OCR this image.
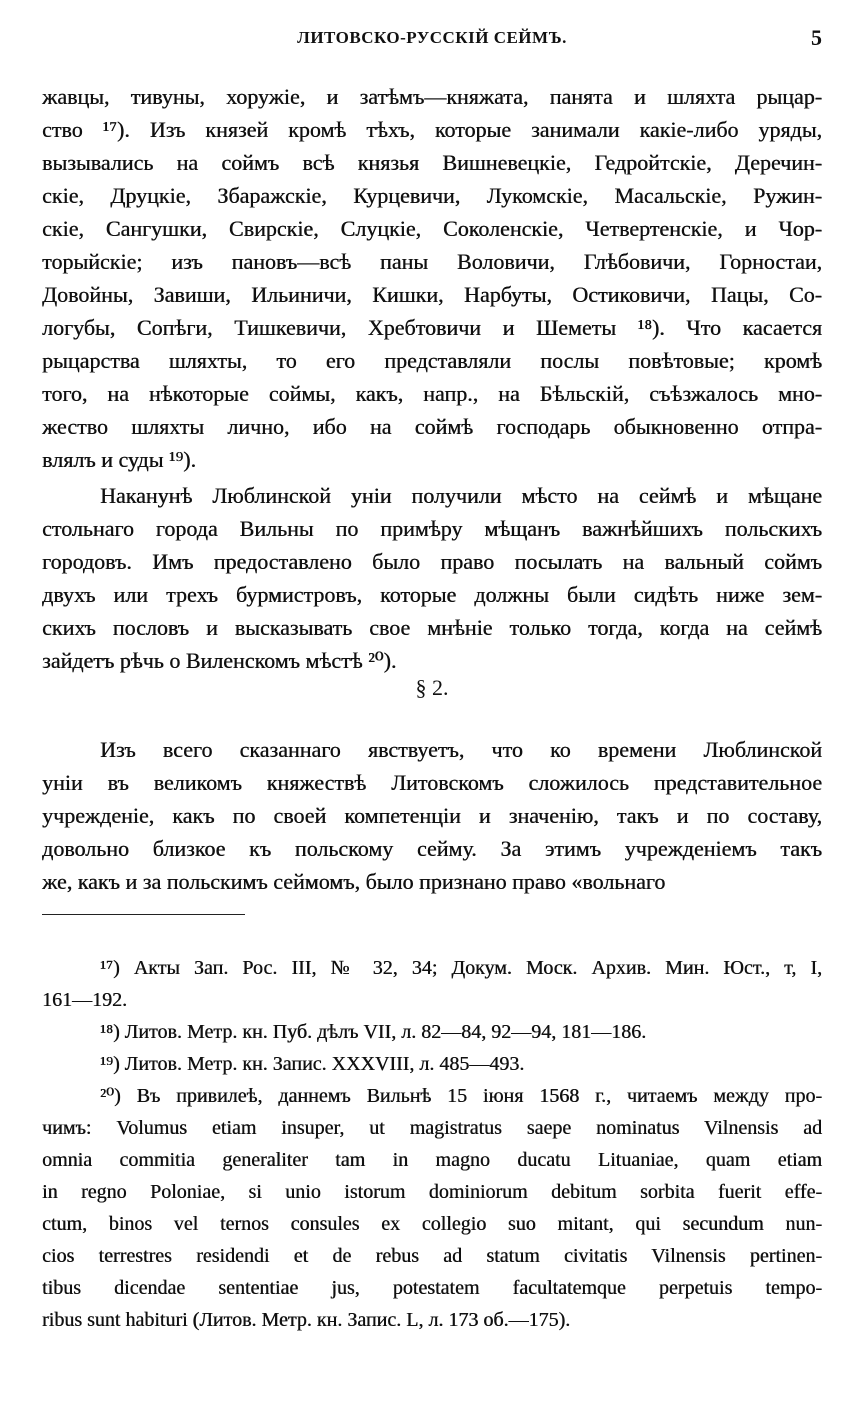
ЛИТОВСКО-РУССКІЙ СЕЙМЪ.	5
жавцы, тивуны, хоружіе, и затѣмъ—княжата, панята и шляхта рыцар-
ство ¹⁷). Изъ князей кромѣ тѣхъ, которые занимали какіе-либо уряды,
вызывались на соймъ всѣ князья Вишневецкіе, Гедройтскіе, Деречин-
скіе, Друцкіе, Збаражскіе, Курцевичи, Лукомскіе, Масальскіе, Ружин-
скіе, Сангушки, Свирскіе, Слуцкіе, Соколенскіе, Четвертенскіе, и Чор-
торыйскіе; изъ пановъ—всѣ паны Воловичи, Глѣбовичи, Горностаи,
Довойны, Завиши, Ильиничи, Кишки, Нарбуты, Остиковичи, Пацы, Со-
логубы, Сопѣги, Тишкевичи, Хребтовичи и Шеметы ¹⁸). Что касается
рыцарства шляхты, то его представляли послы повѣтовые; кромѣ
того, на нѣкоторые соймы, какъ, напр., на Бѣльскій, съѣзжалось мно-
жество шляхты лично, ибо на соймѣ господарь обыкновенно отпра-
влялъ и суды ¹⁹).
Наканунѣ Люблинской уніи получили мѣсто на сеймѣ и мѣщане
стольнаго города Вильны по примѣру мѣщанъ важнѣйшихъ польскихъ
городовъ. Имъ предоставлено было право посылать на вальный соймъ
двухъ или трехъ бурмистровъ, которые должны были сидѣть ниже зем-
скихъ пословъ и высказывать свое мнѣніе только тогда, когда на сеймѣ
зайдетъ рѣчь о Виленскомъ мѣстѣ ²⁰).
§ 2.
Изъ всего сказаннаго явствуетъ, что ко времени Люблинской
уніи въ великомъ княжествѣ Литовскомъ сложилось представительное
учрежденіе, какъ по своей компетенціи и значенію, такъ и по составу,
довольно близкое къ польскому сейму. За этимъ учрежденіемъ такъ
же, какъ и за польскимъ сеймомъ, было признано право «вольнаго
¹⁷) Акты Зап. Рос. III, № 32, 34; Докум. Моск. Архив. Мин. Юст., т, I,
161—192.
¹⁸) Литов. Метр. кн. Пуб. дѣлъ VII, л. 82—84, 92—94, 181—186.
¹⁹) Литов. Метр. кн. Запис. XXXVIII, л. 485—493.
²⁰) Въ привилеѣ, даннемъ Вильнѣ 15 іюня 1568 г., читаемъ между про-
чимъ: Volumus etiam insuper, ut magistratus saepe nominatus Vilnensis ad
omnia commitia generaliter tam in magno ducatu Lituaniae, quam etiam
in regno Poloniae, si unio istorum dominiorum debitum sorbita fuerit effe-
ctum, binos vel ternos consules ex collegio suo mitant, qui secundum nun-
cios terrestres residendi et de rebus ad statum civitatis Vilnensis pertinen-
tibus dicendae sententiae jus, potestatem facultatemque perpetuis tempo-
ribus sunt habituri (Литов. Метр. кн. Запис. L, л. 173 об.—175).
